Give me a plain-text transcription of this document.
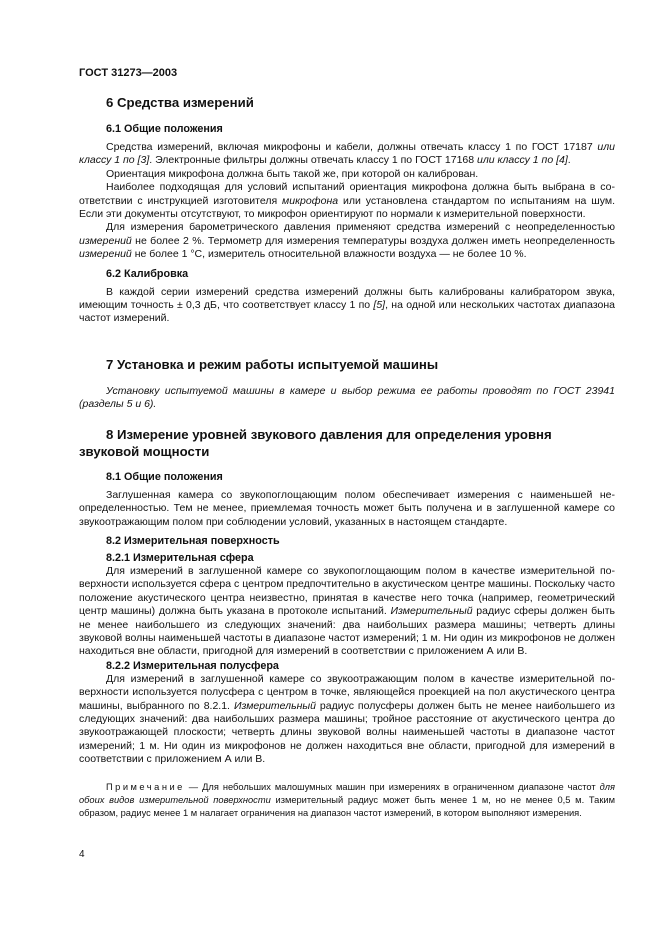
ГОСТ 31273—2003
6 Средства измерений
6.1 Общие положения

Средства измерений, включая микрофоны и кабели, должны отвечать классу 1 по ГОСТ 17187 или классу 1 по [3]. Электронные фильтры должны отвечать классу 1 по ГОСТ 17168 или классу 1 по [4].

Ориентация микрофона должна быть такой же, при которой он калиброван.

Наиболее подходящая для условий испытаний ориентация микрофона должна быть выбрана в соответствии с инструкцией изготовителя микрофона или установлена стандартом по испытаниям на шум. Если эти документы отсутствуют, то микрофон ориентируют по нормали к измерительной поверхности.

Для измерения барометрического давления применяют средства измерений с неопределенностью измерений не более 2 %. Термометр для измерения температуры воздуха должен иметь неопределенность измерений не более 1 °С, измеритель относительной влажности воздуха — не более 10 %.

6.2 Калибровка

В каждой серии измерений средства измерений должны быть калиброваны калибратором звука, имеющим точность ± 0,3 дБ, что соответствует классу 1 по [5], на одной или нескольких частотах диапазона частот измерений.

7 Установка и режим работы испытуемой машины

Установку испытуемой машины в камере и выбор режима ее работы проводят по ГОСТ 23941 (разделы 5 и 6).

8 Измерение уровней звукового давления для определения уровня звуковой мощности
8.1 Общие положения

Заглушенная камера со звукопоглощающим полом обеспечивает измерения с наименьшей неопределенностью. Тем не менее, приемлемая точность может быть получена и в заглушенной камере со звукоотражающим полом при соблюдении условий, указанных в настоящем стандарте.

8.2 Измерительная поверхность
8.2.1 Измерительная сфера

Для измерений в заглушенной камере со звукопоглощающим полом в качестве измерительной поверхности используется сфера с центром предпочтительно в акустическом центре машины. Поскольку часто положение акустического центра неизвестно, принятая в качестве него точка (например, геометрический центр машины) должна быть указана в протоколе испытаний. Измерительный радиус сферы должен быть не менее наибольшего из следующих значений: два наибольших размера машины; четверть длины звуковой волны наименьшей частоты в диапазоне частот измерений; 1 м. Ни один из микрофонов не должен находиться вне области, пригодной для измерений в соответствии с приложением А или В.

8.2.2 Измерительная полусфера

Для измерений в заглушенной камере со звукоотражающим полом в качестве измерительной поверхности используется полусфера с центром в точке, являющейся проекцией на пол акустического центра машины, выбранного по 8.2.1. Измерительный радиус полусферы должен быть не менее наибольшего из следующих значений: два наибольших размера машины; тройное расстояние от акустического центра до звукоотражающей плоскости; четверть длины звуковой волны наименьшей частоты в диапазоне частот измерений; 1 м. Ни один из микрофонов не должен находиться вне области, пригодной для измерений в соответствии с приложением А или В.

Примечание — Для небольших малошумных машин при измерениях в ограниченном диапазоне частот для обоих видов измерительной поверхности измерительный радиус может быть менее 1 м, но не менее 0,5 м. Таким образом, радиус менее 1 м налагает ограничения на диапазон частот измерений, в котором выполняют измерения.

4
